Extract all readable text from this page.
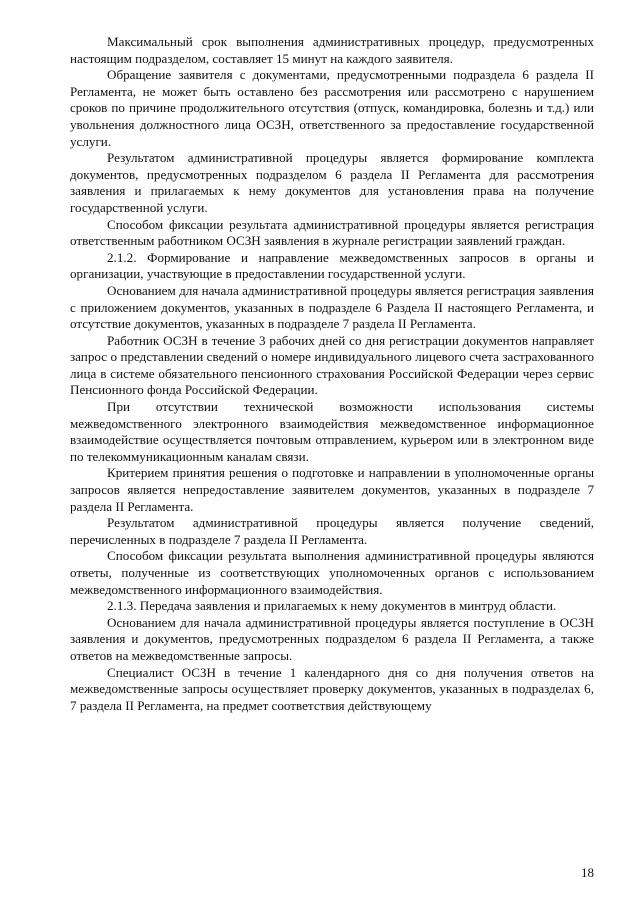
Максимальный срок выполнения административных процедур, предусмотренных настоящим подразделом, составляет 15 минут на каждого заявителя.

Обращение заявителя с документами, предусмотренными подраздела 6 раздела II Регламента, не может быть оставлено без рассмотрения или рассмотрено с нарушением сроков по причине продолжительного отсутствия (отпуск, командировка, болезнь и т.д.) или увольнения должностного лица ОСЗН, ответственного за предоставление государственной услуги.

Результатом административной процедуры является формирование комплекта документов, предусмотренных подразделом 6 раздела II Регламента для рассмотрения заявления и прилагаемых к нему документов для установления права на получение государственной услуги.

Способом фиксации результата административной процедуры является регистрация ответственным работником ОСЗН заявления в журнале регистрации заявлений граждан.

2.1.2. Формирование и направление межведомственных запросов в органы и организации, участвующие в предоставлении государственной услуги.

Основанием для начала административной процедуры является регистрация заявления с приложением документов, указанных в подразделе 6 Раздела II настоящего Регламента, и отсутствие документов, указанных в подразделе 7 раздела II Регламента.

Работник ОСЗН в течение 3 рабочих дней со дня регистрации документов направляет запрос о представлении сведений о номере индивидуального лицевого счета застрахованного лица в системе обязательного пенсионного страхования Российской Федерации через сервис Пенсионного фонда Российской Федерации.

При отсутствии технической возможности использования системы межведомственного электронного взаимодействия межведомственное информационное взаимодействие осуществляется почтовым отправлением, курьером или в электронном виде по телекоммуникационным каналам связи.

Критерием принятия решения о подготовке и направлении в уполномоченные органы запросов является непредоставление заявителем документов, указанных в подразделе 7 раздела II Регламента.

Результатом административной процедуры является получение сведений, перечисленных в подразделе 7 раздела II Регламента.

Способом фиксации результата выполнения административной процедуры являются ответы, полученные из соответствующих уполномоченных органов с использованием межведомственного информационного взаимодействия.

2.1.3. Передача заявления и прилагаемых к нему документов в минтруд области.

Основанием для начала административной процедуры является поступление в ОСЗН заявления и документов, предусмотренных подразделом 6 раздела II Регламента, а также ответов на межведомственные запросы.

Специалист ОСЗН в течение 1 календарного дня со дня получения ответов на межведомственные запросы осуществляет проверку документов, указанных в подразделах 6, 7 раздела II Регламента, на предмет соответствия действующему

18
